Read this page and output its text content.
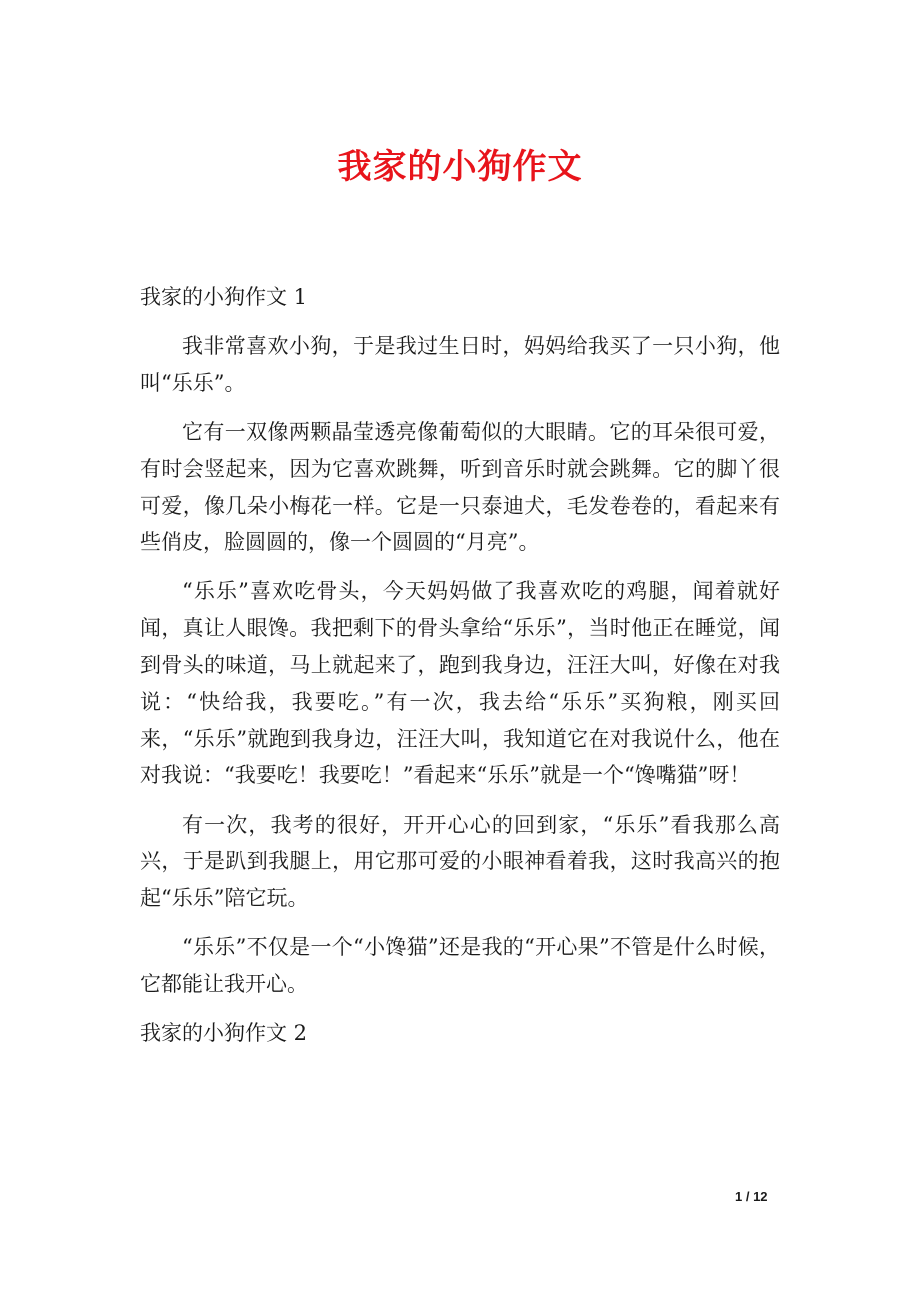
我家的小狗作文

我家的小狗作文 1

我非常喜欢小狗，于是我过生日时，妈妈给我买了一只小狗，他叫“乐乐”。

它有一双像两颗晶莹透亮像葡萄似的大眼睛。它的耳朵很可爱，有时会竖起来，因为它喜欢跳舞，听到音乐时就会跳舞。它的脚丫很可爱，像几朵小梅花一样。它是一只泰迪犬，毛发卷卷的，看起来有些俏皮，脸圆圆的，像一个圆圆的“月亮”。

“乐乐”喜欢吃骨头，今天妈妈做了我喜欢吃的鸡腿，闻着就好闻，真让人眼馋。我把剩下的骨头拿给“乐乐”，当时他正在睡觉，闻到骨头的味道，马上就起来了，跑到我身边，汪汪大叫，好像在对我说：“快给我，我要吃。”有一次，我去给“乐乐”买狗粮，刚买回来，“乐乐”就跑到我身边，汪汪大叫，我知道它在对我说什么，他在对我说：“我要吃！我要吃！”看起来“乐乐”就是一个“馋嘴猫”呀！

有一次，我考的很好，开开心心的回到家，“乐乐”看我那么高兴，于是趴到我腿上，用它那可爱的小眼神看着我，这时我高兴的抱起“乐乐”陪它玩。

“乐乐”不仅是一个“小馋猫”还是我的“开心果”不管是什么时候，它都能让我开心。

我家的小狗作文 2

1 / 12
